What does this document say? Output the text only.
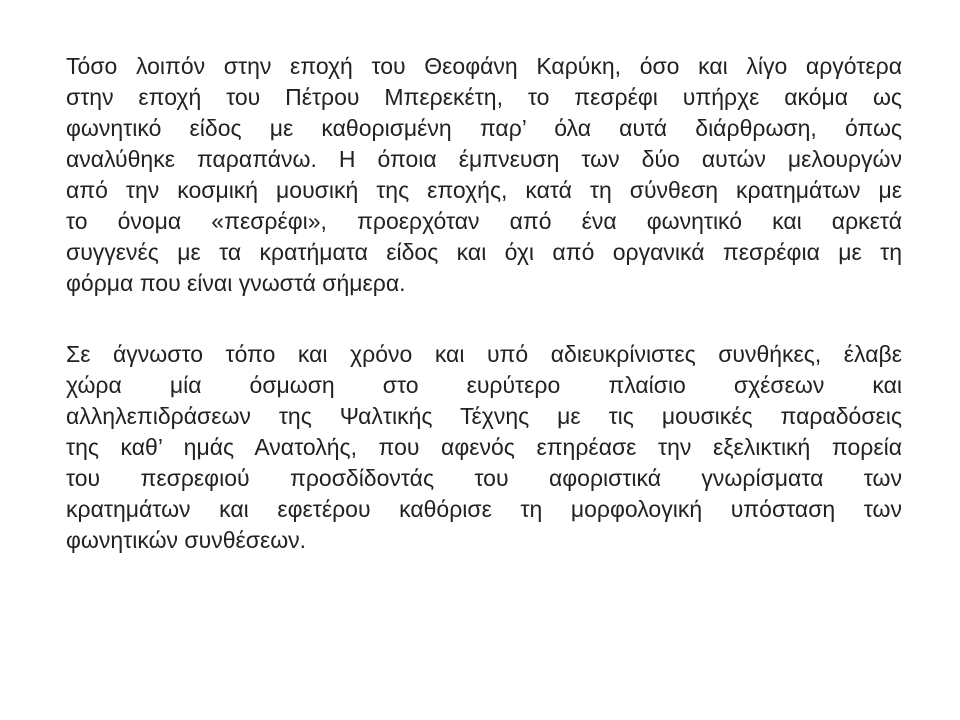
Τόσο λοιπόν στην εποχή του Θεοφάνη Καρύκη, όσο και λίγο αργότερα
στην εποχή του Πέτρου Μπερεκέτη, το πεσρέφι υπήρχε ακόμα ως
φωνητικό είδος με καθορισμένη παρ’ όλα αυτά διάρθρωση, όπως
αναλύθηκε παραπάνω. Η όποια έμπνευση των δύο αυτών μελουργών
από την κοσμική μουσική της εποχής, κατά τη σύνθεση κρατημάτων με
το όνομα «πεσρέφι», προερχόταν από ένα φωνητικό και αρκετά
συγγενές με τα κρατήματα είδος και όχι από οργανικά πεσρέφια με τη
φόρμα που είναι γνωστά σήμερα.
Σε άγνωστο τόπο και χρόνο και υπό αδιευκρίνιστες συνθήκες, έλαβε
χώρα μία όσμωση στο ευρύτερο πλαίσιο σχέσεων και
αλληλεπιδράσεων της Ψαλτικής Τέχνης με τις μουσικές παραδόσεις
της καθ’ ημάς Ανατολής, που αφενός επηρέασε την εξελικτική πορεία
του πεσρεφιού προσδίδοντάς του αφοριστικά γνωρίσματα των
κρατημάτων και εφετέρου καθόρισε τη μορφολογική υπόσταση των
φωνητικών συνθέσεων.
